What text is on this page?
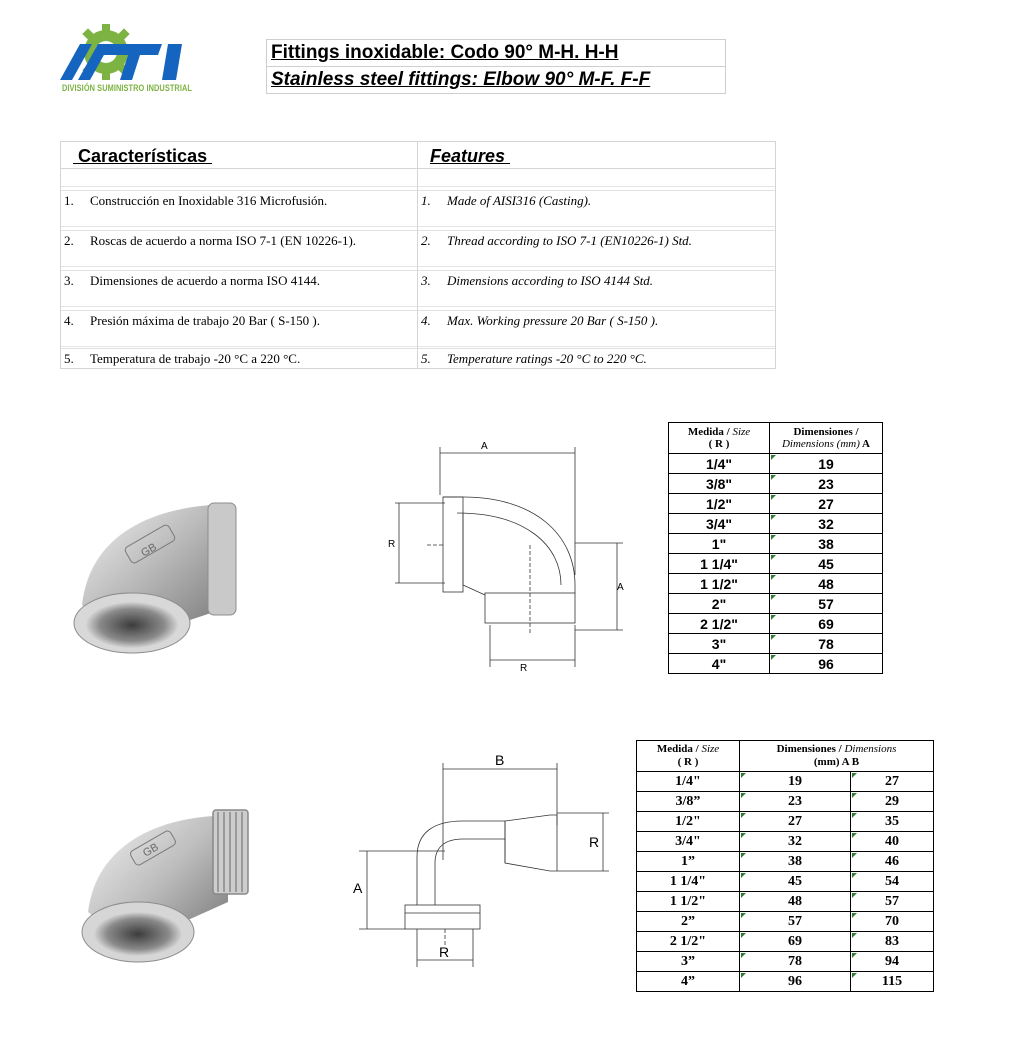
DIVISIÓN SUMINISTRO INDUSTRIAL
Fittings inoxidable: Codo 90° M-H. H-H
Stainless steel fittings: Elbow 90° M-F. F-F
Características
1. Construcción en Inoxidable 316 Microfusión.
2. Roscas de acuerdo a norma ISO 7-1 (EN 10226-1).
3. Dimensiones de acuerdo a norma ISO 4144.
4. Presión máxima de trabajo 20 Bar ( S-150 ).
5. Temperatura de trabajo -20 °C a 220 °C.
Features
1. Made of AISI316 (Casting).
2. Thread according to ISO 7-1 (EN10226-1) Std.
3. Dimensions according to ISO 4144 Std.
4. Max. Working pressure 20 Bar ( S-150 ).
5. Temperature ratings -20 °C to 220 °C.
GB
A
R
A
R
Medida / Size
( R )	Dimensiones /
Dimensions (mm) A
1/4"	19
3/8"	23
1/2"	27
3/4"	32
1"	38
1 1/4"	45
1 1/2"	48
2"	57
2 1/2"	69
3"	78
4"	96
GB
B
A
R
R
Medida / Size
( R )	Dimensiones / Dimensions
(mm) A B	
1/4"	19	27
3/8”	23	29
1/2"	27	35
3/4"	32	40
1”	38	46
1 1/4"	45	54
1 1/2"	48	57
2”	57	70
2 1/2"	69	83
3”	78	94
4”	96	115
